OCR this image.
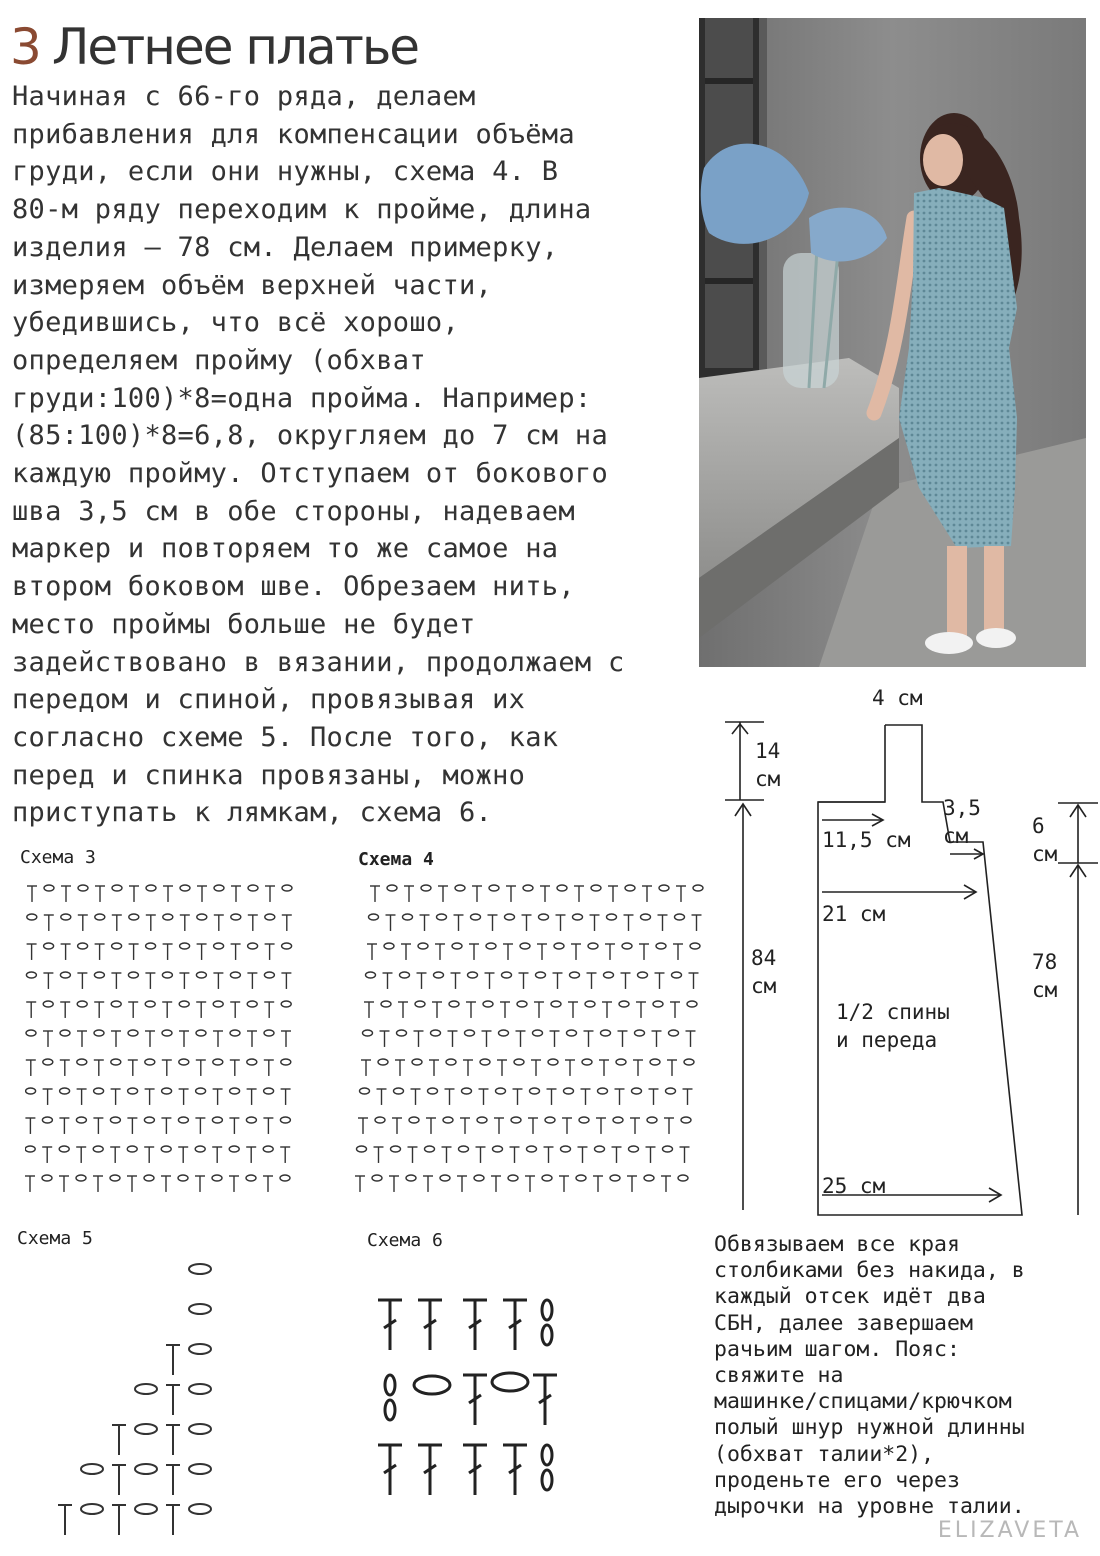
3 Летнее платье
Начиная с 66-го ряда, делаем
прибавления для компенсации объёма
груди, если они нужны, схема 4. В
80-м ряду переходим к пройме, длина
изделия – 78 см. Делаем примерку,
измеряем объём верхней части,
убедившись, что всё хорошо,
определяем пройму (обхват
груди:100)*8=одна пройма. Например:
(85:100)*8=6,8, округляем до 7 см на
каждую пройму. Отступаем от бокового
шва 3,5 см в обе стороны, надеваем
маркер и повторяем то же самое на
втором боковом шве. Обрезаем нить,
место проймы больше не будет
задействовано в вязании, продолжаем с
передом и спиной, провязывая их
согласно схеме 5. После того, как
перед и спинка провязаны, можно
приступать к лямкам, схема 6.
Схема 3	Схема 4
Схема 5	Схема 6
4 см
14 см
3,5 см	6 см
11,5 см
21 см
84 см
78 см
1/2 спины
и переда
25 см
Обвязываем все края
столбиками без накида, в
каждый отсек идёт два
СБН, далее завершаем
рачьим шагом. Пояс:
свяжите на
машинке/спицами/крючком
полый шнур нужной длинны
(обхват талии*2),
проденьте его через
дырочки на уровне талии.
ELIZAVETA
